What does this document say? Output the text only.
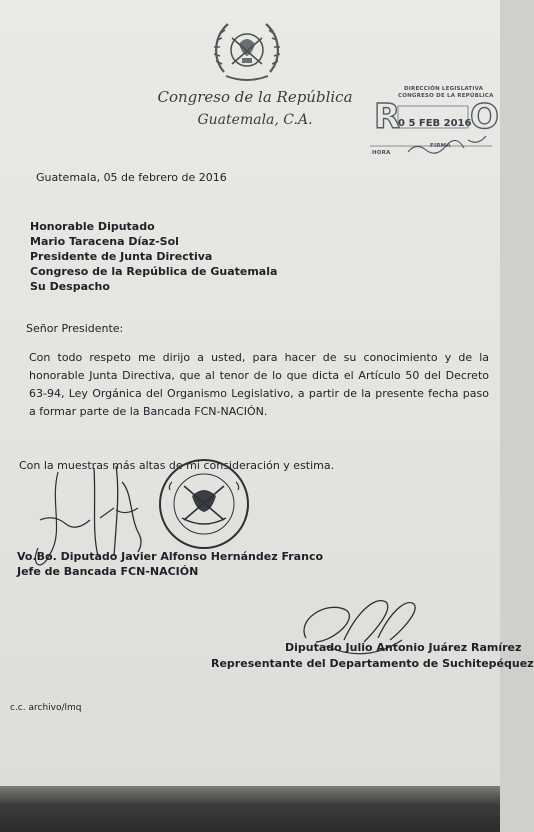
Congreso de la República
Guatemala, C.A.	R O
DIRECCIÓN LEGISLATIVA
CONGRESO DE LA REPÚBLICA
0 5 FEB 2016
HORA
FIRMA
Guatemala, 05 de febrero de 2016
Honorable Diputado
Mario Taracena Díaz-Sol
Presidente de Junta Directiva
Congreso de la República de Guatemala
Su Despacho
Señor Presidente:
Con todo respeto me dirijo a usted, para hacer de su conocimiento y de la honorable Junta Directiva, que al tenor de lo que dicta el Artículo 50 del Decreto 63-94, Ley Orgánica del Organismo Legislativo, a partir de la presente fecha paso a formar parte de la Bancada FCN-NACIÓN.
Con la muestras más altas de mi consideración y estima.
Vo.Bo. Diputado Javier Alfonso Hernández Franco
Jefe de Bancada FCN-NACIÓN
Diputado Julio Antonio Juárez Ramírez
Representante del Departamento de Suchitepéquez
c.c. archivo/lmq
